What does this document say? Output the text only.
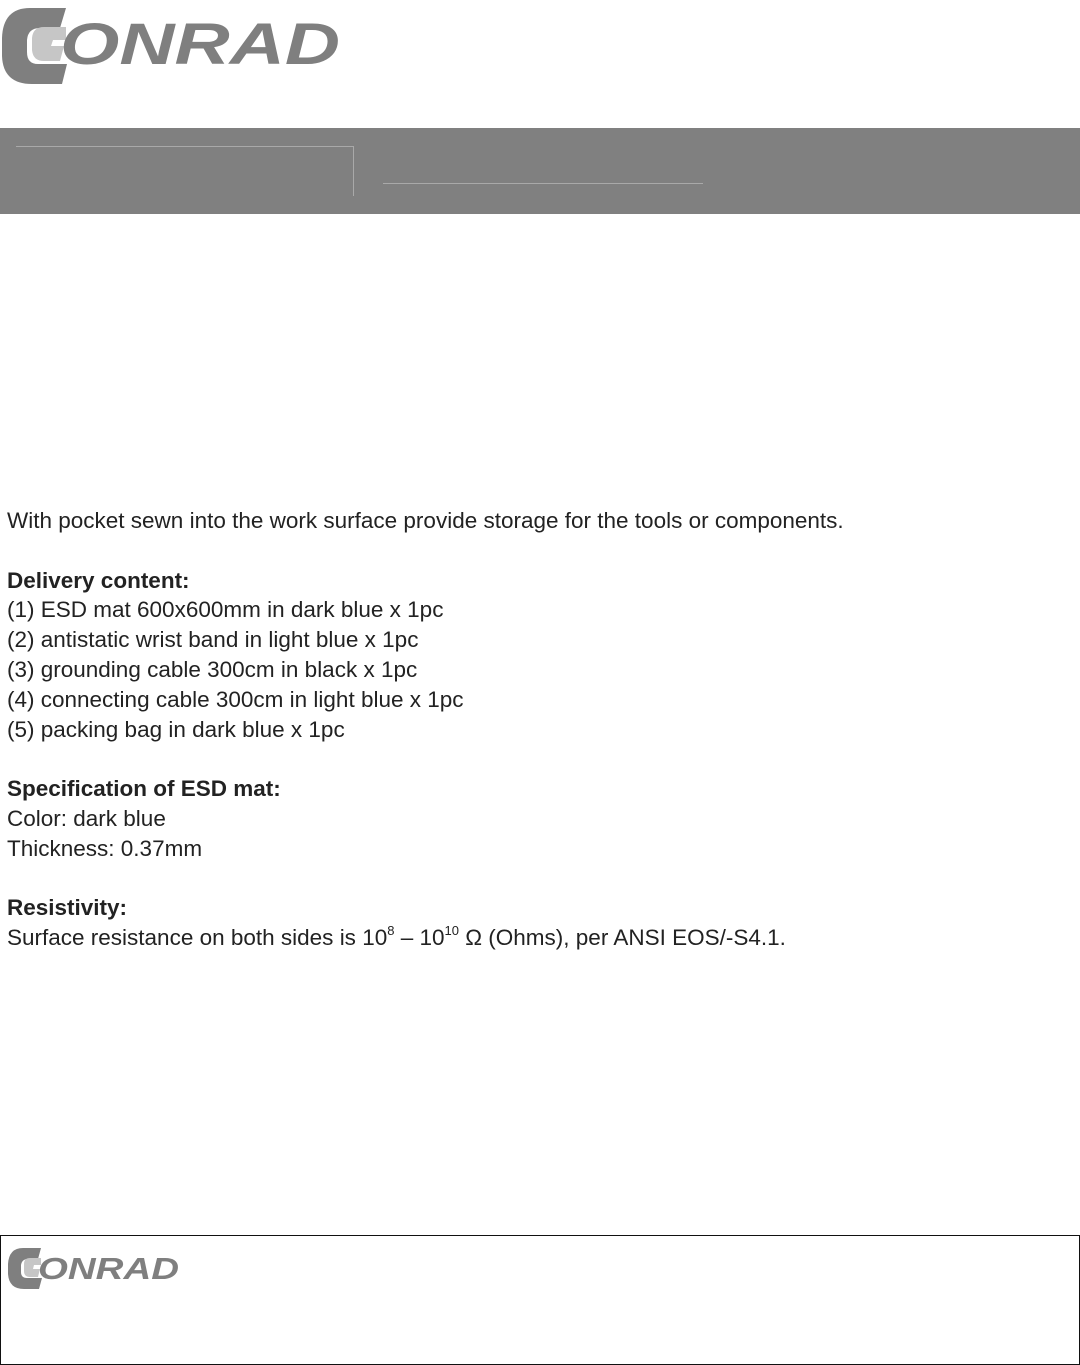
ONRAD

With pocket sewn into the work surface provide storage for the tools or components.

Delivery content:

(1) ESD mat 600x600mm in dark blue x 1pc

(2) antistatic wrist band in light blue x 1pc

(3) grounding cable 300cm in black x 1pc

(4) connecting cable 300cm in light blue x 1pc

(5) packing bag in dark blue x 1pc

Specification of ESD mat:

Color: dark blue

Thickness: 0.37mm

Resistivity:

Surface resistance on both sides is $10^8 - 10^{10}$ Ω (Ohms), per ANSI EOS/-S4.1.

ONRAD
